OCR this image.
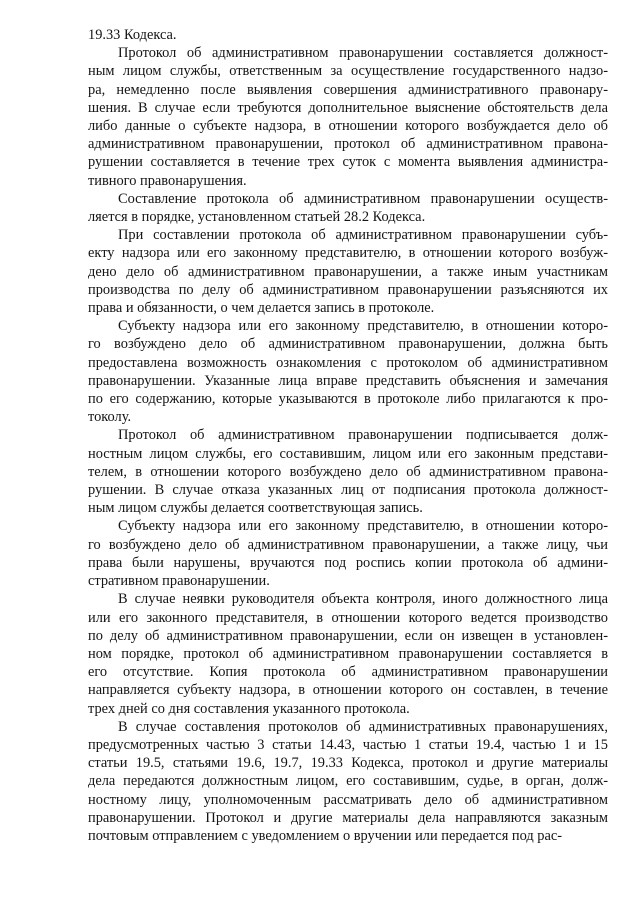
19.33 Кодекса.
Протокол об административном правонарушении составляется должност-
ным лицом службы, ответственным за осуществление государственного надзо-
ра, немедленно после выявления совершения административного правонару-
шения. В случае если требуются дополнительное выяснение обстоятельств дела
либо данные о субъекте надзора, в отношении которого возбуждается дело об
административном правонарушении, протокол об административном правона-
рушении составляется в течение трех суток с момента выявления администра-
тивного правонарушения.
Составление протокола об административном правонарушении осуществ-
ляется в порядке, установленном статьей 28.2 Кодекса.
При составлении протокола об административном правонарушении субъ-
екту надзора или его законному представителю, в отношении которого возбуж-
дено дело об административном правонарушении, а также иным участникам
производства по делу об административном правонарушении разъясняются их
права и обязанности, о чем делается запись в протоколе.
Субъекту надзора или его законному представителю, в отношении которо-
го возбуждено дело об административном правонарушении, должна быть
предоставлена возможность ознакомления с протоколом об административном
правонарушении. Указанные лица вправе представить объяснения и замечания
по его содержанию, которые указываются в протоколе либо прилагаются к про-
токолу.
Протокол об административном правонарушении подписывается долж-
ностным лицом службы, его составившим, лицом или его законным представи-
телем, в отношении которого возбуждено дело об административном правона-
рушении. В случае отказа указанных лиц от подписания протокола должност-
ным лицом службы делается соответствующая запись.
Субъекту надзора или его законному представителю, в отношении которо-
го возбуждено дело об административном правонарушении, а также лицу, чьи
права были нарушены, вручаются под роспись копии протокола об админи-
стративном правонарушении.
В случае неявки руководителя объекта контроля, иного должностного лица
или его законного представителя, в отношении которого ведется производство
по делу об административном правонарушении, если он извещен в установлен-
ном порядке, протокол об административном правонарушении составляется в
его отсутствие. Копия протокола об административном правонарушении
направляется субъекту надзора, в отношении которого он составлен, в течение
трех дней со дня составления указанного протокола.
В случае составления протоколов об административных правонарушениях,
предусмотренных частью 3 статьи 14.43, частью 1 статьи 19.4, частью 1 и 15
статьи 19.5, статьями 19.6, 19.7, 19.33 Кодекса, протокол и другие материалы
дела передаются должностным лицом, его составившим, судье, в орган, долж-
ностному лицу, уполномоченным рассматривать дело об административном
правонарушении. Протокол и другие материалы дела направляются заказным
почтовым отправлением с уведомлением о вручении или передается под рас-
